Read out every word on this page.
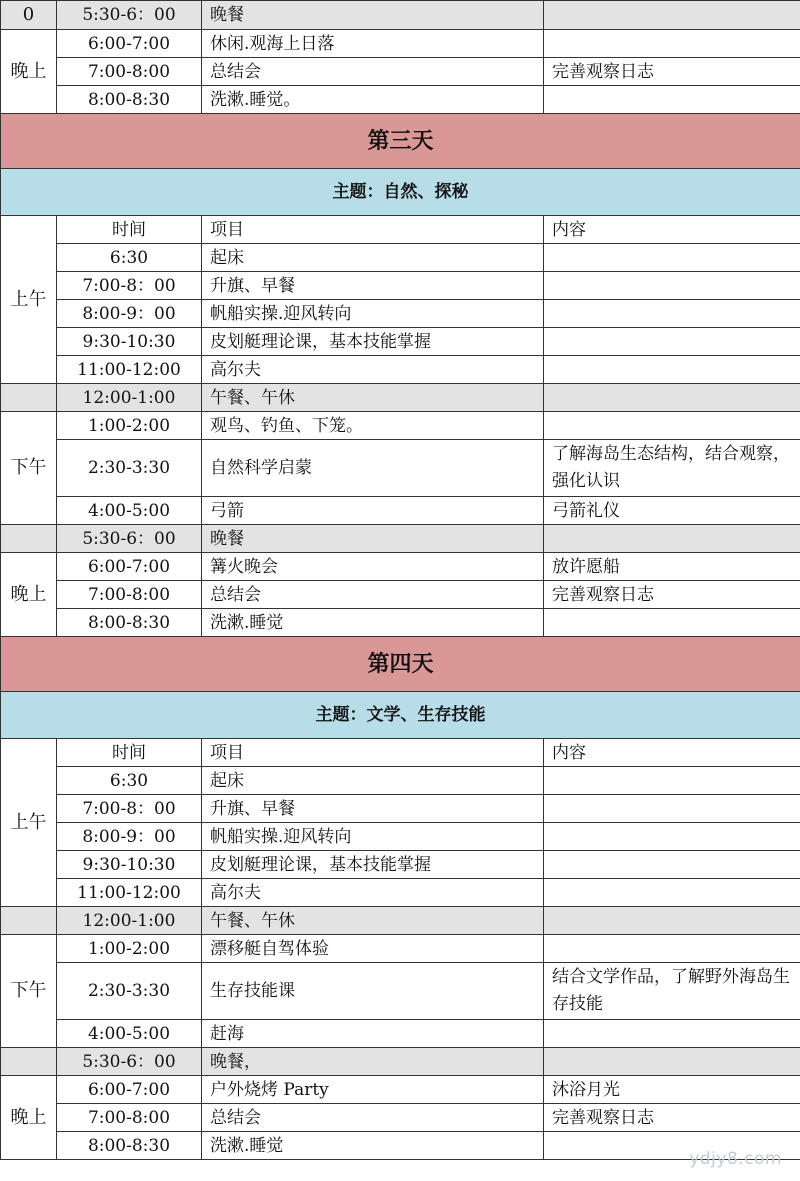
0	5:30-6：00	晚餐	
晚上	6:00-7:00	休闲.观海上日落	
	7:00-8:00	总结会	完善观察日志
	8:00-8:30	洗漱.睡觉。	
第三天			
主题：自然、探秘			
上午	时间	项目	内容
	6:30	起床	
	7:00-8：00	升旗、早餐	
	8:00-9：00	帆船实操.迎风转向	
	9:30-10:30	皮划艇理论课，基本技能掌握	
	11:00-12:00	高尔夫	
	12:00-1:00	午餐、午休	
下午	1:00-2:00	观鸟、钓鱼、下笼。	
	2:30-3:30	自然科学启蒙	了解海岛生态结构，结合观察，强化认识
	4:00-5:00	弓箭	弓箭礼仪
	5:30-6：00	晚餐	
晚上	6:00-7:00	篝火晚会	放许愿船
	7:00-8:00	总结会	完善观察日志
	8:00-8:30	洗漱.睡觉	
第四天			
主题：文学、生存技能			
上午	时间	项目	内容
	6:30	起床	
	7:00-8：00	升旗、早餐	
	8:00-9：00	帆船实操.迎风转向	
	9:30-10:30	皮划艇理论课，基本技能掌握	
	11:00-12:00	高尔夫	
	12:00-1:00	午餐、午休	
下午	1:00-2:00	漂移艇自驾体验	
	2:30-3:30	生存技能课	结合文学作品，了解野外海岛生存技能
	4:00-5:00	赶海	
	5:30-6：00	晚餐，	
晚上	6:00-7:00	户外烧烤 Party	沐浴月光
	7:00-8:00	总结会	完善观察日志
	8:00-8:30	洗漱.睡觉	
ydjy8.com
